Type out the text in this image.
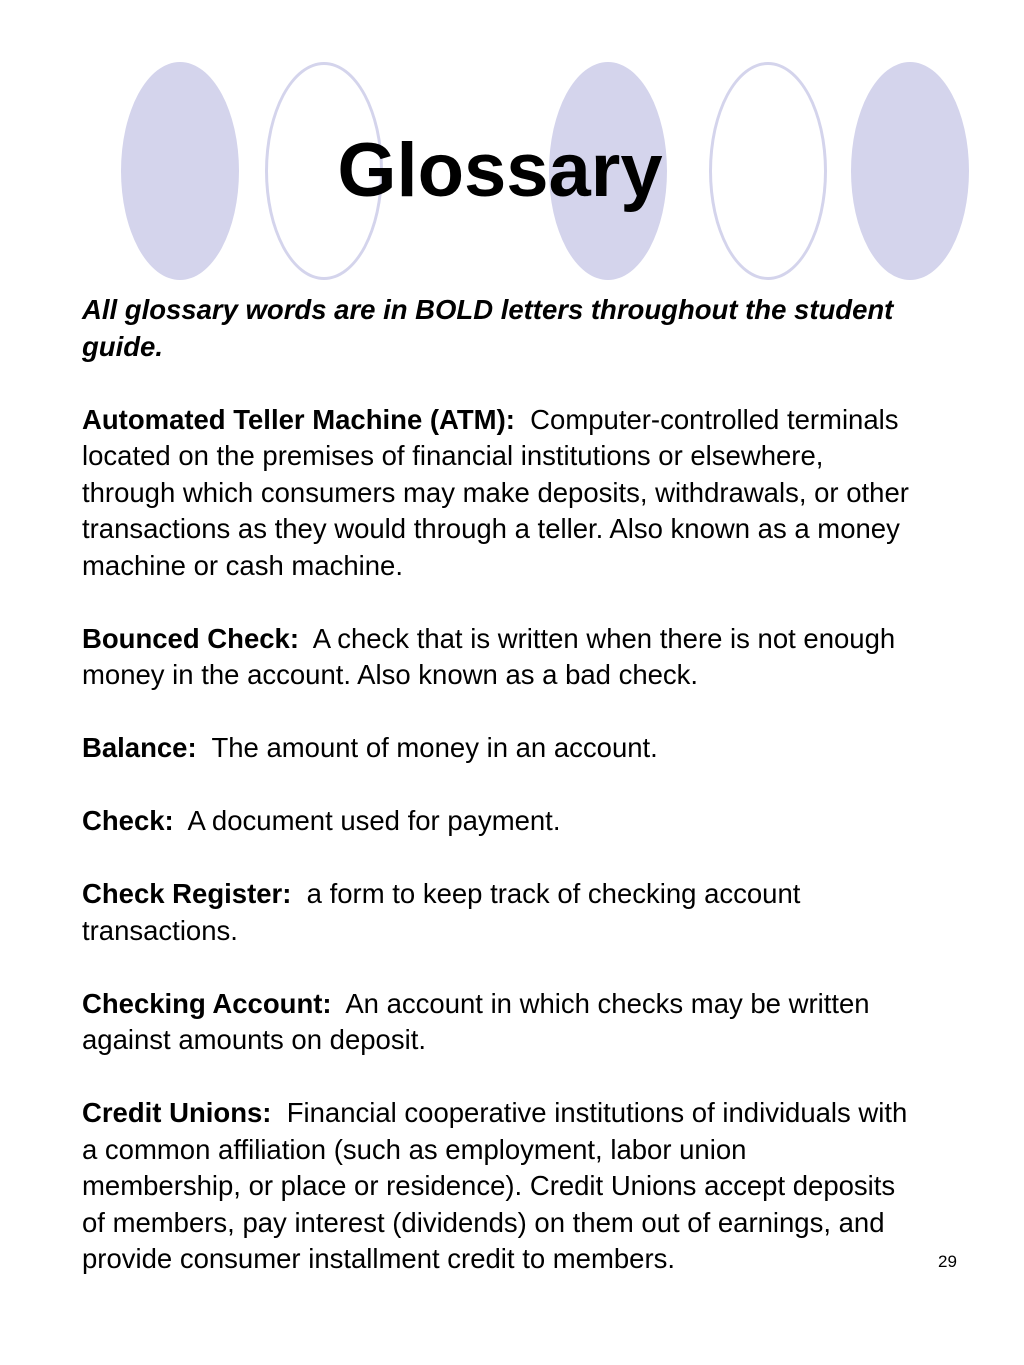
Glossary

All glossary words are in BOLD letters throughout the student guide.

Automated Teller Machine (ATM): Computer-controlled terminals located on the premises of financial institutions or elsewhere, through which consumers may make deposits, withdrawals, or other transactions as they would through a teller. Also known as a money machine or cash machine.

Bounced Check: A check that is written when there is not enough money in the account. Also known as a bad check.

Balance: The amount of money in an account.

Check: A document used for payment.

Check Register: a form to keep track of checking account transactions.

Checking Account: An account in which checks may be written against amounts on deposit.

Credit Unions: Financial cooperative institutions of individuals with a common affiliation (such as employment, labor union membership, or place or residence). Credit Unions accept deposits of members, pay interest (dividends) on them out of earnings, and provide consumer installment credit to members.	29
